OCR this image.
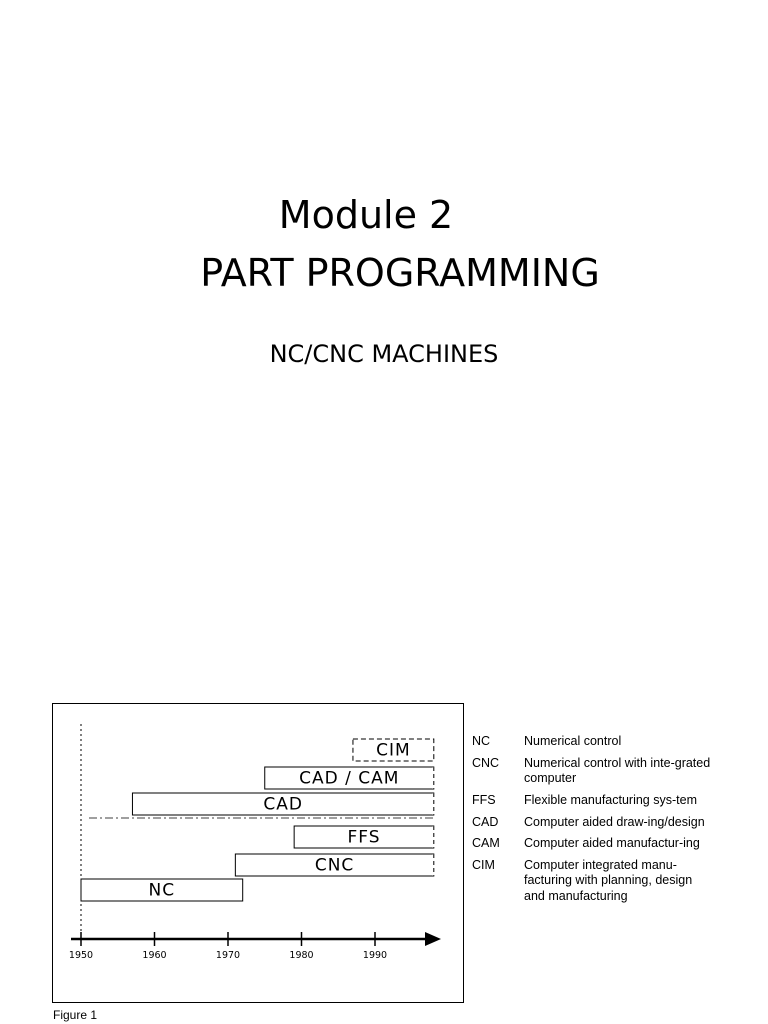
Module 2
PART PROGRAMMING
NC/CNC MACHINES
CIM
CAD / CAM
CAD
FFS
CNC
NC
1950	1960	1970	1980	1990
Figure 1
NC	Numerical control
CNC	Numerical control with inte-grated computer
FFS	Flexible manufacturing sys-tem
CAD	Computer aided draw-ing/design
CAM	Computer aided manufactur-ing
CIM	Computer integrated manu-facturing with planning, design and manufacturing
